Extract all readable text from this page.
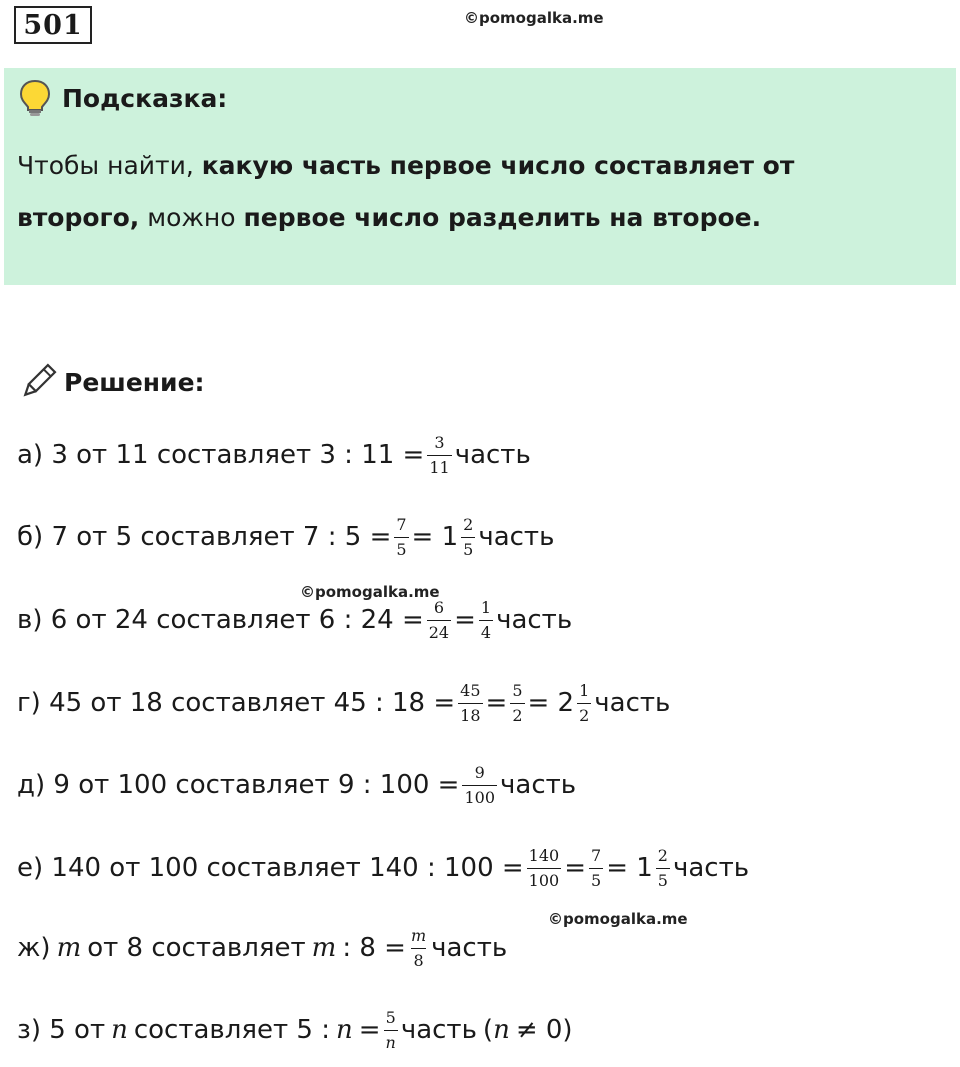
501	©pomogalka.me
Подсказка:
Чтобы найти, какую часть первое число составляет от второго, можно первое число разделить на второе.
Решение:
а) 3 от 11 составляет 3 : $11 = \frac{3}{11}$ часть
б) 7 от 5 составляет 7 : $5 = \frac{7}{5} = 1 \frac{2}{5}$ часть
©pomogalka.me
в) 6 от 24 составляет 6 : $24 = \frac{6}{24} = \frac{1}{4}$ часть
г) 45 от 18 составляет 45 : $18 = \frac{45}{18} = \frac{5}{2} = 2 \frac{1}{2}$ часть
д) 9 от 100 составляет 9 : $100 = \frac{9}{100}$ часть
е) 140 от 100 составляет 140 : $100 = \frac{140}{100} = \frac{7}{5} = 1 \frac{2}{5}$ часть
©pomogalka.me
ж) m от 8 составляет m : $8 = \frac{m}{8}$ часть
з) 5 от n составляет 5 : $n = \frac{5}{n}$ часть ( n ≠ 0)
